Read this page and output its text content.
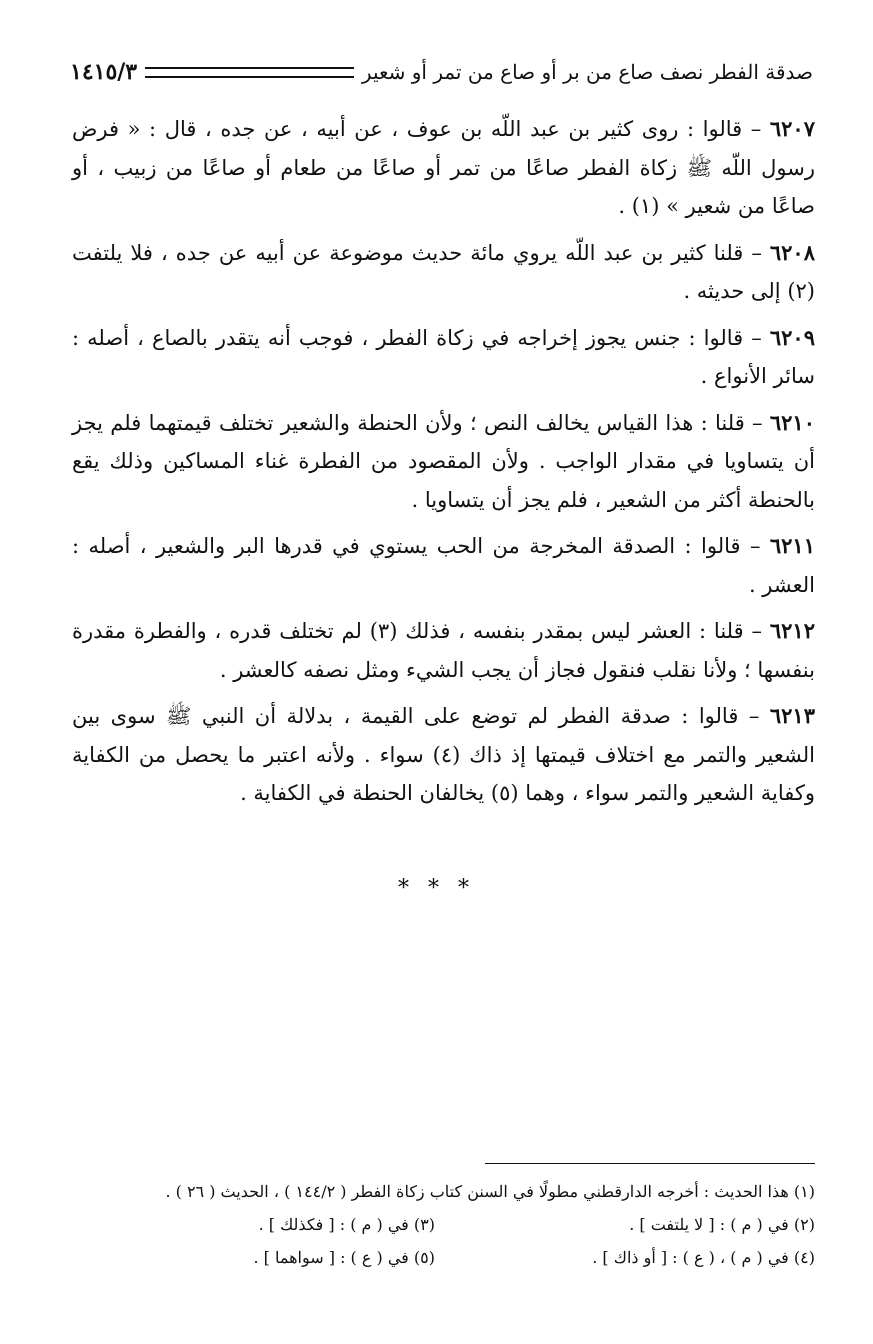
صدقة الفطر نصف صاع من بر أو صاع من تمر أو شعير
١٤١٥/٣

٦٢٠٧ – قالوا : روى كثير بن عبد اللّه بن عوف ، عن أبيه ، عن جده ، قال : « فرض رسول اللّه ﷺ زكاة الفطر صاعًا من تمر أو صاعًا من طعام أو صاعًا من زبيب ، أو صاعًا من شعير » (١) .

٦٢٠٨ – قلنا كثير بن عبد اللّه يروي مائة حديث موضوعة عن أبيه عن جده ، فلا يلتفت (٢) إلى حديثه .

٦٢٠٩ – قالوا : جنس يجوز إخراجه في زكاة الفطر ، فوجب أنه يتقدر بالصاع ، أصله : سائر الأنواع .

٦٢١٠ – قلنا : هذا القياس يخالف النص ؛ ولأن الحنطة والشعير تختلف قيمتهما فلم يجز أن يتساويا في مقدار الواجب . ولأن المقصود من الفطرة غناء المساكين وذلك يقع بالحنطة أكثر من الشعير ، فلم يجز أن يتساويا .

٦٢١١ – قالوا : الصدقة المخرجة من الحب يستوي في قدرها البر والشعير ، أصله : العشر .

٦٢١٢ – قلنا : العشر ليس بمقدر بنفسه ، فذلك (٣) لم تختلف قدره ، والفطرة مقدرة بنفسها ؛ ولأنا نقلب فنقول فجاز أن يجب الشيء ومثل نصفه كالعشر .

٦٢١٣ – قالوا : صدقة الفطر لم توضع على القيمة ، بدلالة أن النبي ﷺ سوى بين الشعير والتمر مع اختلاف قيمتها إذ ذاك (٤) سواء . ولأنه اعتبر ما يحصل من الكفاية وكفاية الشعير والتمر سواء ، وهما (٥) يخالفان الحنطة في الكفاية .

* * *
(١) هذا الحديث : أخرجه الدارقطني مطولًا في السنن كتاب زكاة الفطر ( ١٤٤/٢ ) ، الحديث ( ٢٦ ) .
(٢) في ( م ) : [ لا يلتفت ] .
(٣) في ( م ) : [ فكذلك ] .
(٤) في ( م ) ، ( ع ) : [ أو ذاك ] .
(٥) في ( ع ) : [ سواهما ] .
